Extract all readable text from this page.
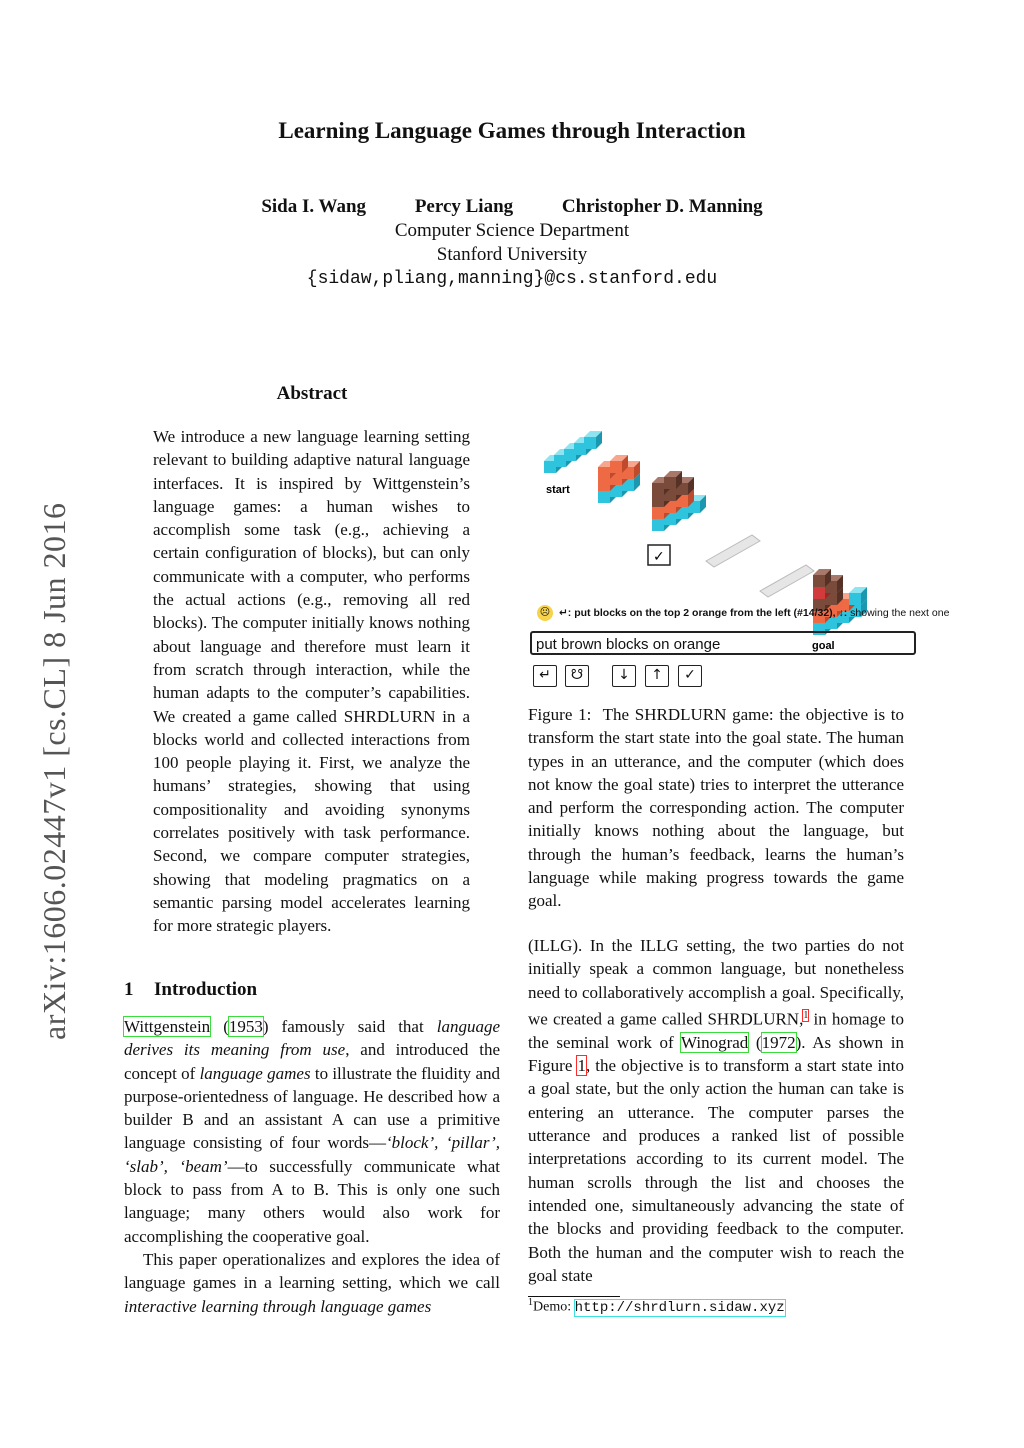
Learning Language Games through Interaction
Sida I. Wang	Percy Liang	Christopher D. Manning
Computer Science Department
Stanford University
{sidaw,pliang,manning}@cs.stanford.edu
arXiv:1606.02447v1 [cs.CL] 8 Jun 2016
Abstract
We introduce a new language learning setting relevant to building adaptive natural language interfaces. It is inspired by Wittgenstein’s language games: a human wishes to accomplish some task (e.g., achieving a certain configuration of blocks), but can only communicate with a computer, who performs the actual actions (e.g., removing all red blocks). The computer initially knows nothing about language and therefore must learn it from scratch through interaction, while the human adapts to the computer’s capabilities. We created a game called SHRDLURN in a blocks world and collected interactions from 100 people playing it. First, we analyze the humans’ strategies, showing that using compositionality and avoiding synonyms correlates positively with task performance. Second, we compare computer strategies, showing that modeling pragmatics on a semantic parsing model accelerates learning for more strategic players.
1 Introduction

Wittgenstein (1953) famously said that language derives its meaning from use, and introduced the concept of language games to illustrate the fluidity and purpose-orientedness of language. He described how a builder B and an assistant A can use a primitive language consisting of four words—‘block’, ‘pillar’, ‘slab’, ‘beam’—to successfully communicate what block to pass from A to B. This is only one such language; many others would also work for accomplishing the cooperative goal.

This paper operationalizes and explores the idea of language games in a learning setting, which we call interactive learning through language games

start
✓
goal
☹ ↵: put blocks on the top 2 orange from the left (#14/32), ↓: showing the next one
put brown blocks on orange
↵	☋	↓	↑	✓
Figure 1: The SHRDLURN game: the objective is to transform the start state into the goal state. The human types in an utterance, and the computer (which does not know the goal state) tries to interpret the utterance and perform the corresponding action. The computer initially knows nothing about the language, but through the human’s feedback, learns the human’s language while making progress towards the game goal.
(ILLG). In the ILLG setting, the two parties do not initially speak a common language, but nonetheless need to collaboratively accomplish a goal. Specifically, we created a game called SHRDLURN,$^1$ in homage to the seminal work of Winograd (1972). As shown in Figure 1, the objective is to transform a start state into a goal state, but the only action the human can take is entering an utterance. The computer parses the utterance and produces a ranked list of possible interpretations according to its current model. The human scrolls through the list and chooses the intended one, simultaneously advancing the state of the blocks and providing feedback to the computer. Both the human and the computer wish to reach the goal state
$^1$Demo: http://shrdlurn.sidaw.xyz
